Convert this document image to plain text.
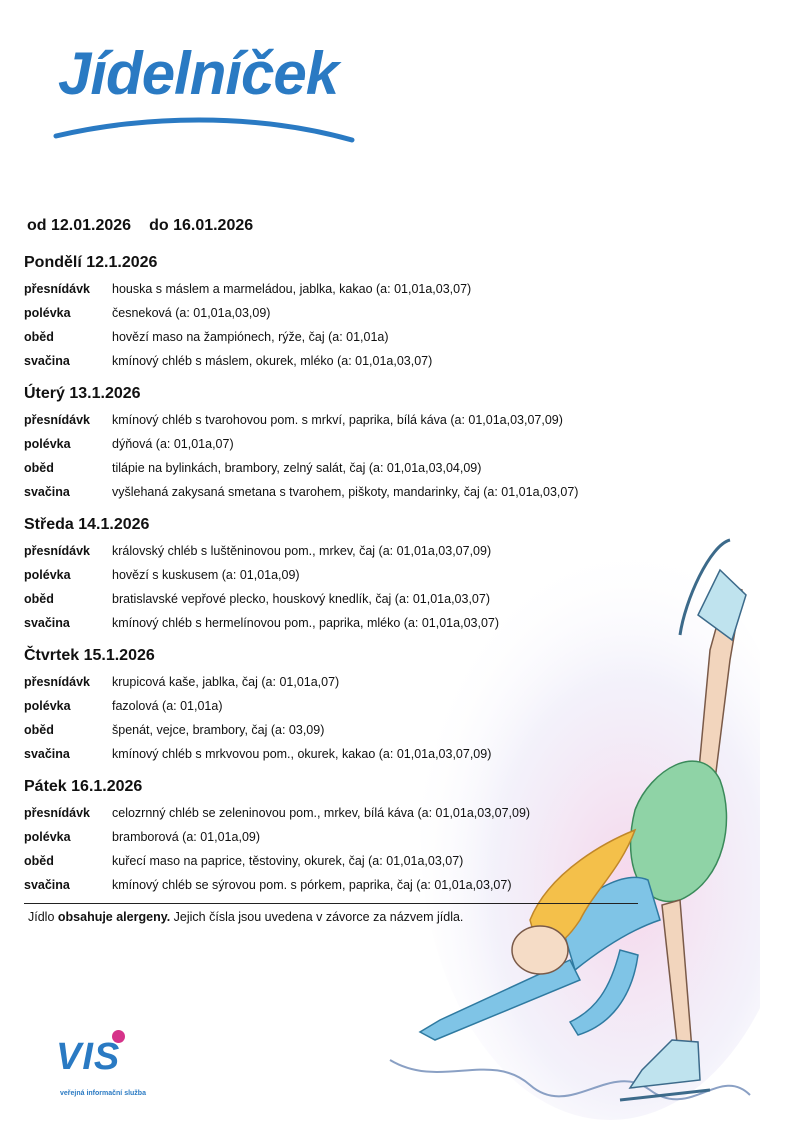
Jídelníček
od 12.01.2026 do 16.01.2026
Pondělí 12.1.2026
přesnídávk houska s máslem a marmeládou, jablka, kakao (a: 01,01a,03,07)
polévka	česneková (a: 01,01a,03,09)
oběd	hovězí maso na žampiónech, rýže, čaj (a: 01,01a)
svačina	kmínový chléb s máslem, okurek, mléko (a: 01,01a,03,07)
Úterý 13.1.2026
přesnídávk kmínový chléb s tvarohovou pom. s mrkví, paprika, bílá káva (a: 01,01a,03,07,09)
polévka	dýňová (a: 01,01a,07)
oběd	tilápie na bylinkách, brambory, zelný salát, čaj (a: 01,01a,03,04,09)
svačina	vyšlehaná zakysaná smetana s tvarohem, piškoty, mandarinky, čaj (a: 01,01a,03,07)
Středa 14.1.2026
přesnídávk královský chléb s luštěninovou pom., mrkev, čaj (a: 01,01a,03,07,09)
polévka	hovězí s kuskusem (a: 01,01a,09)
oběd	bratislavské vepřové plecko, houskový knedlík, čaj (a: 01,01a,03,07)
svačina	kmínový chléb s hermelínovou pom., paprika, mléko (a: 01,01a,03,07)
Čtvrtek 15.1.2026
přesnídávk krupicová kaše, jablka, čaj (a: 01,01a,07)
polévka	fazolová (a: 01,01a)
oběd	špenát, vejce, brambory, čaj (a: 03,09)
svačina	kmínový chléb s mrkvovou pom., okurek, kakao (a: 01,01a,03,07,09)
Pátek 16.1.2026
přesnídávk celozrnný chléb se zeleninovou pom., mrkev, bílá káva (a: 01,01a,03,07,09)
polévka	bramborová (a: 01,01a,09)
oběd	kuřecí maso na paprice, těstoviny, okurek, čaj (a: 01,01a,03,07)
svačina	kmínový chléb se sýrovou pom. s pórkem, paprika, čaj (a: 01,01a,03,07)
Jídlo obsahuje alergeny. Jejich čísla jsou uvedena v závorce za názvem jídla.
VIS
veřejná informační služba
